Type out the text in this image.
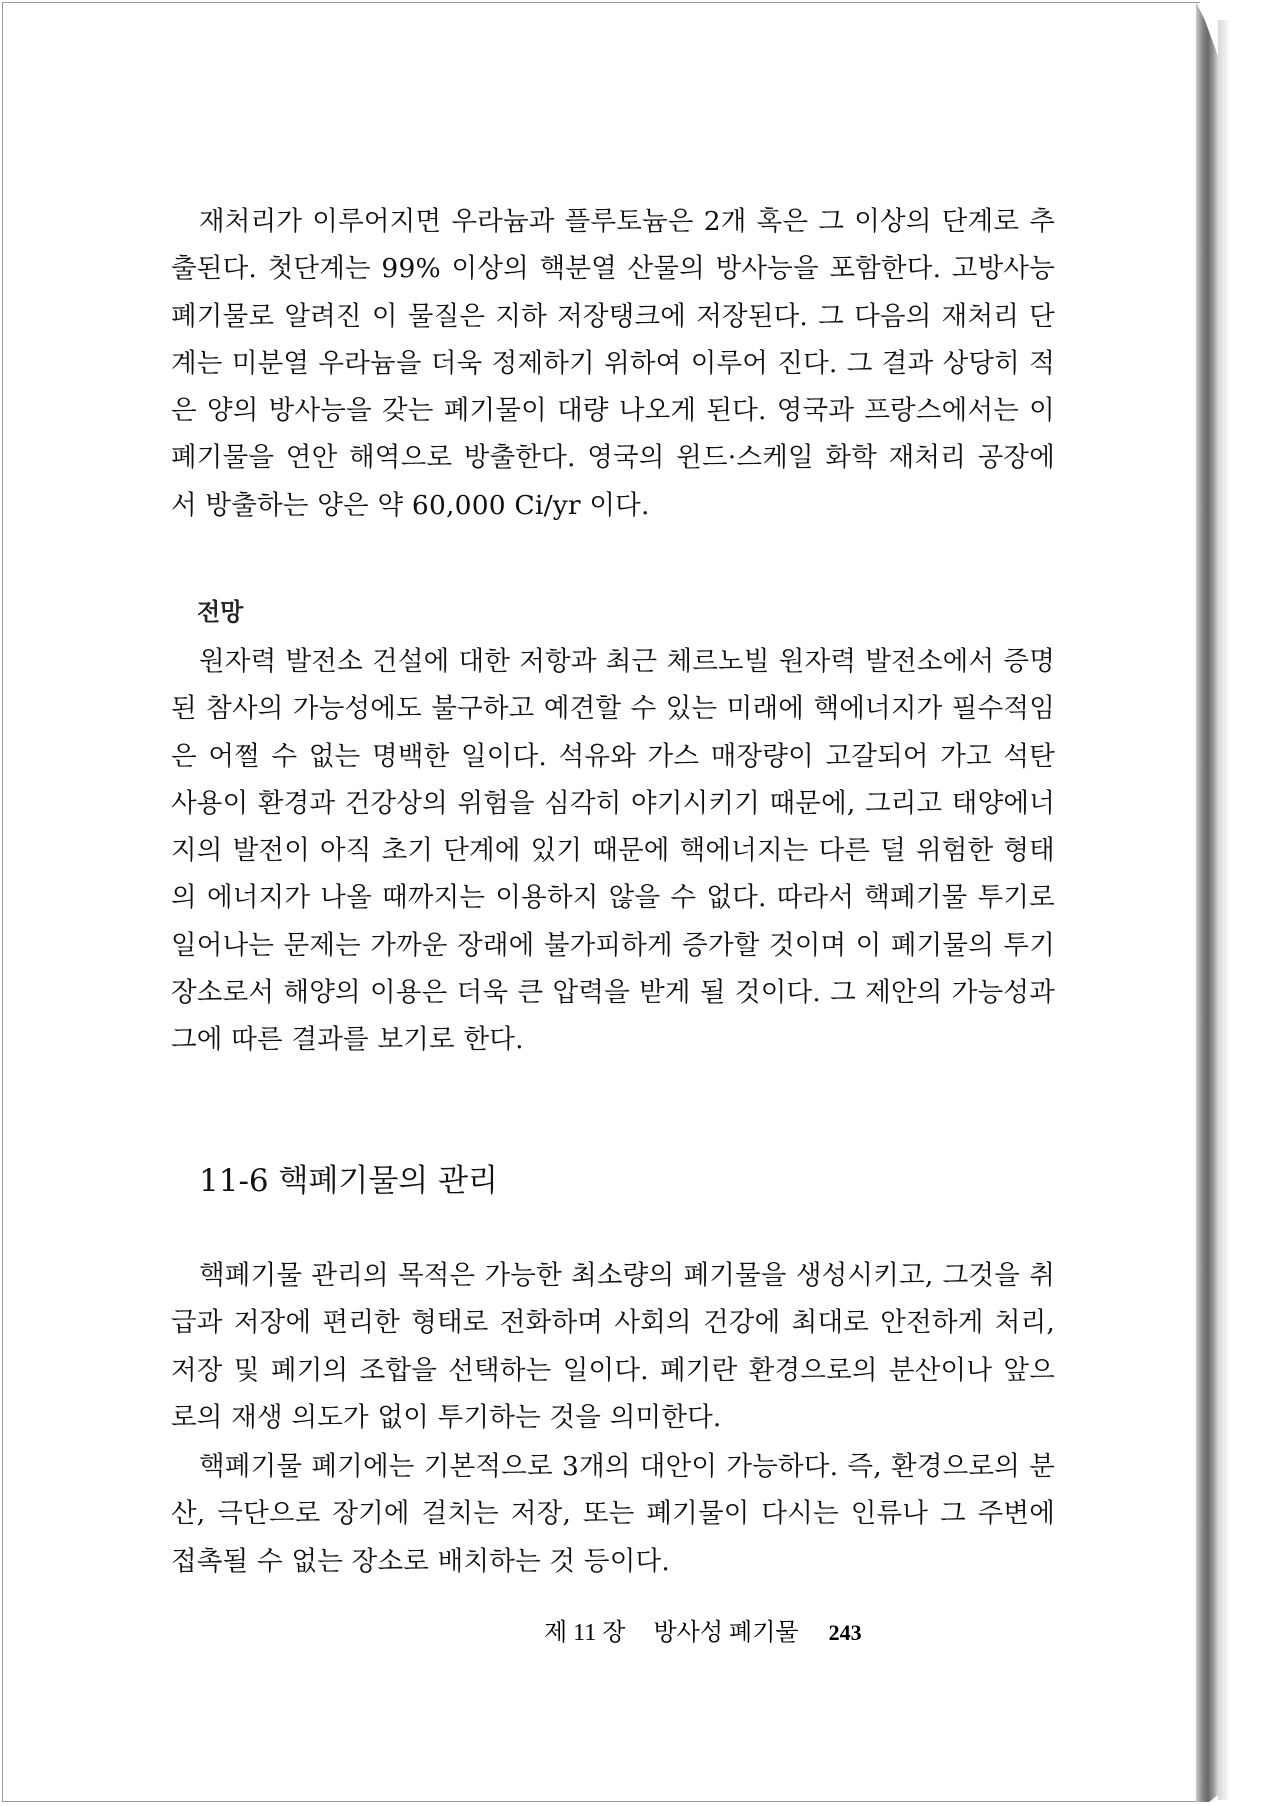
재처리가 이루어지면 우라늄과 플루토늄은 2개 혹은 그 이상의 단계로 추출된다. 첫단계는 99% 이상의 핵분열 산물의 방사능을 포함한다. 고방사능 폐기물로 알려진 이 물질은 지하 저장탱크에 저장된다. 그 다음의 재처리 단계는 미분열 우라늄을 더욱 정제하기 위하여 이루어 진다. 그 결과 상당히 적은 양의 방사능을 갖는 폐기물이 대량 나오게 된다. 영국과 프랑스에서는 이 폐기물을 연안 해역으로 방출한다. 영국의 윈드·스케일 화학 재처리 공장에서 방출하는 양은 약 60,000 Ci/yr 이다.

전망

원자력 발전소 건설에 대한 저항과 최근 체르노빌 원자력 발전소에서 증명된 참사의 가능성에도 불구하고 예견할 수 있는 미래에 핵에너지가 필수적임은 어쩔 수 없는 명백한 일이다. 석유와 가스 매장량이 고갈되어 가고 석탄 사용이 환경과 건강상의 위험을 심각히 야기시키기 때문에, 그리고 태양에너지의 발전이 아직 초기 단계에 있기 때문에 핵에너지는 다른 덜 위험한 형태의 에너지가 나올 때까지는 이용하지 않을 수 없다. 따라서 핵폐기물 투기로 일어나는 문제는 가까운 장래에 불가피하게 증가할 것이며 이 폐기물의 투기장소로서 해양의 이용은 더욱 큰 압력을 받게 될 것이다. 그 제안의 가능성과 그에 따른 결과를 보기로 한다.

11-6 핵폐기물의 관리

핵폐기물 관리의 목적은 가능한 최소량의 폐기물을 생성시키고, 그것을 취급과 저장에 편리한 형태로 전화하며 사회의 건강에 최대로 안전하게 처리, 저장 및 폐기의 조합을 선택하는 일이다. 폐기란 환경으로의 분산이나 앞으로의 재생 의도가 없이 투기하는 것을 의미한다.

핵폐기물 폐기에는 기본적으로 3개의 대안이 가능하다. 즉, 환경으로의 분산, 극단으로 장기에 걸치는 저장, 또는 폐기물이 다시는 인류나 그 주변에 접촉될 수 없는 장소로 배치하는 것 등이다.

제 11 장 방사성 폐기물 243
